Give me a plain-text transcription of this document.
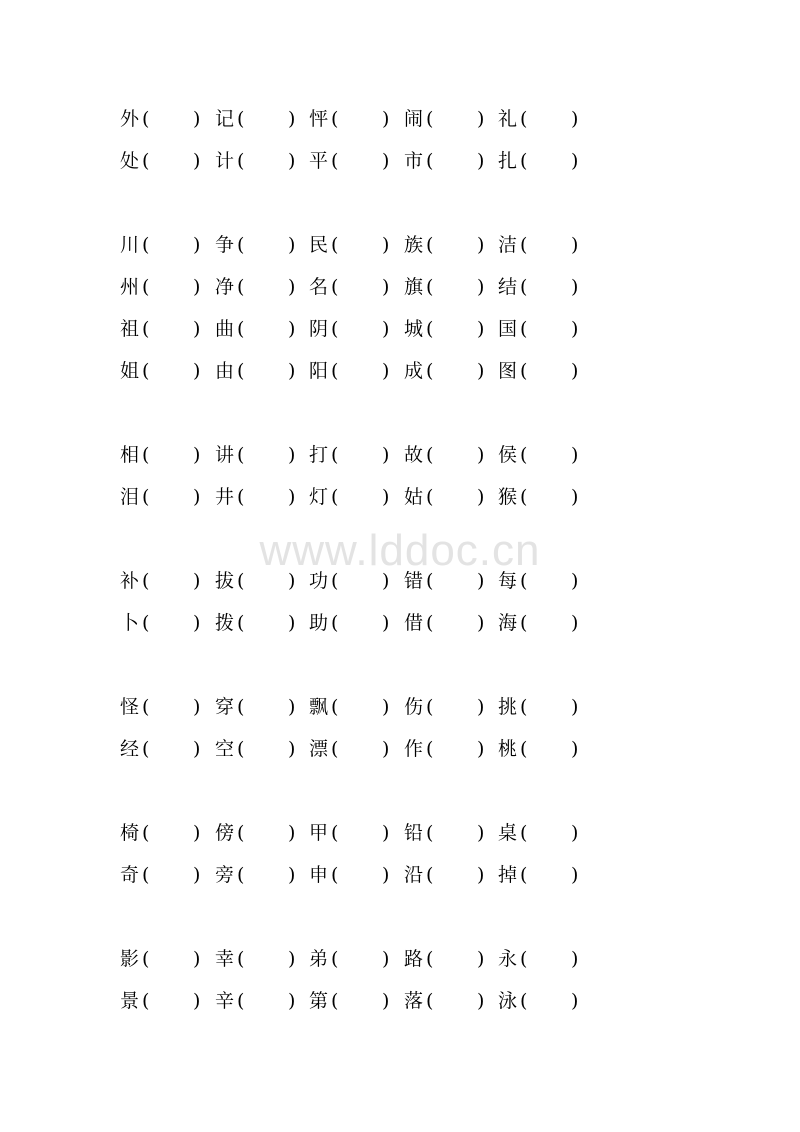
外 ( ) 记 ( ) 怦 ( ) 闹 ( ) 礼 ( )
处 ( ) 计 ( ) 平 ( ) 市 ( ) 扎 ( )
川 ( ) 争 ( ) 民 ( ) 族 ( ) 洁 ( )
州 ( ) 净 ( ) 名 ( ) 旗 ( ) 结 ( )
祖 ( ) 曲 ( ) 阴 ( ) 城 ( ) 国 ( )
姐 ( ) 由 ( ) 阳 ( ) 成 ( ) 图 ( )
相 ( ) 讲 ( ) 打 ( ) 故 ( ) 侯 ( )
泪 ( ) 井 ( ) 灯 ( ) 姑 ( ) 猴 ( )
补 ( ) 拔 ( ) 功 ( ) 错 ( ) 每 ( )
卜 ( ) 拨 ( ) 助 ( ) 借 ( ) 海 ( )
怪 ( ) 穿 ( ) 飘 ( ) 伤 ( ) 挑 ( )
经 ( ) 空 ( ) 漂 ( ) 作 ( ) 桃 ( )
椅 ( ) 傍 ( ) 甲 ( ) 铅 ( ) 桌 ( )
奇 ( ) 旁 ( ) 申 ( ) 沿 ( ) 掉 ( )
影 ( ) 幸 ( ) 弟 ( ) 路 ( ) 永 ( )
景 ( ) 辛 ( ) 第 ( ) 落 ( ) 泳 ( )
www.lddoc.cn
